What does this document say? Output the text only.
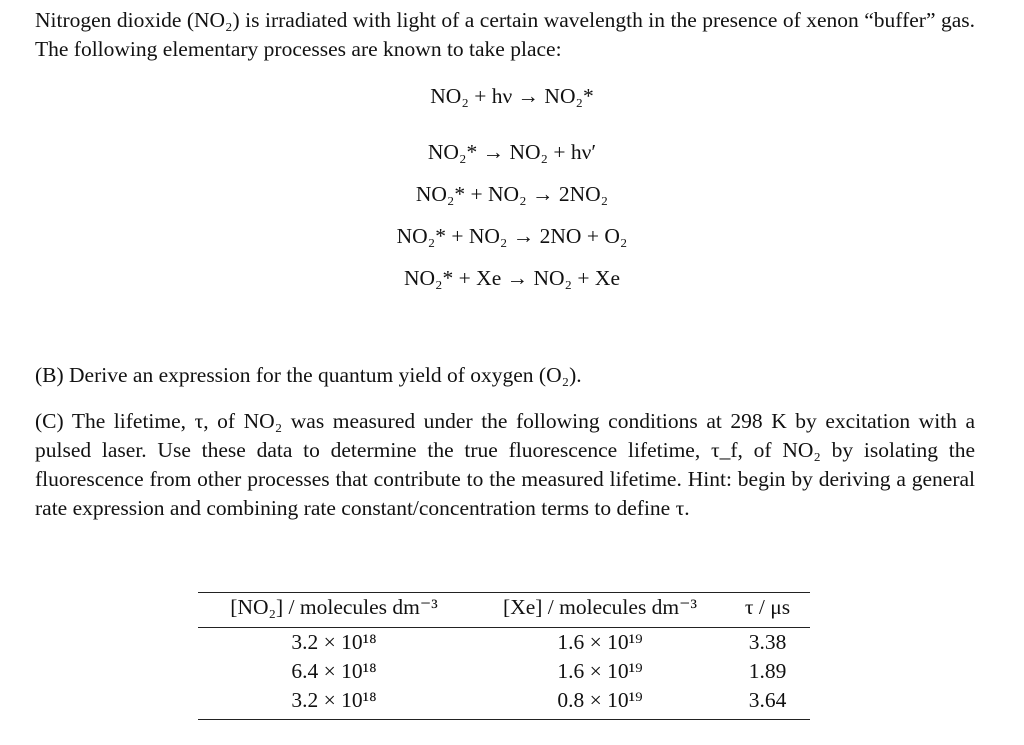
Nitrogen dioxide (NO₂) is irradiated with light of a certain wavelength in the presence of xenon “buffer” gas. The following elementary processes are known to take place:
NO₂ + hν → NO₂*
NO₂* → NO₂ + hν′
NO₂* + NO₂ → 2NO₂
NO₂* + NO₂ → 2NO + O₂
NO₂* + Xe → NO₂ + Xe
(B) Derive an expression for the quantum yield of oxygen (O₂).
(C) The lifetime, τ, of NO₂ was measured under the following conditions at 298 K by excitation with a pulsed laser. Use these data to determine the true fluorescence lifetime, τ_f, of NO₂ by isolating the fluorescence from other processes that contribute to the measured lifetime. Hint: begin by deriving a general rate expression and combining rate constant/concentration terms to define τ.
[NO₂] / molecules dm⁻³	[Xe] / molecules dm⁻³	τ / μs
3.2 × 10¹⁸	1.6 × 10¹⁹	3.38
6.4 × 10¹⁸	1.6 × 10¹⁹	1.89
3.2 × 10¹⁸	0.8 × 10¹⁹	3.64
